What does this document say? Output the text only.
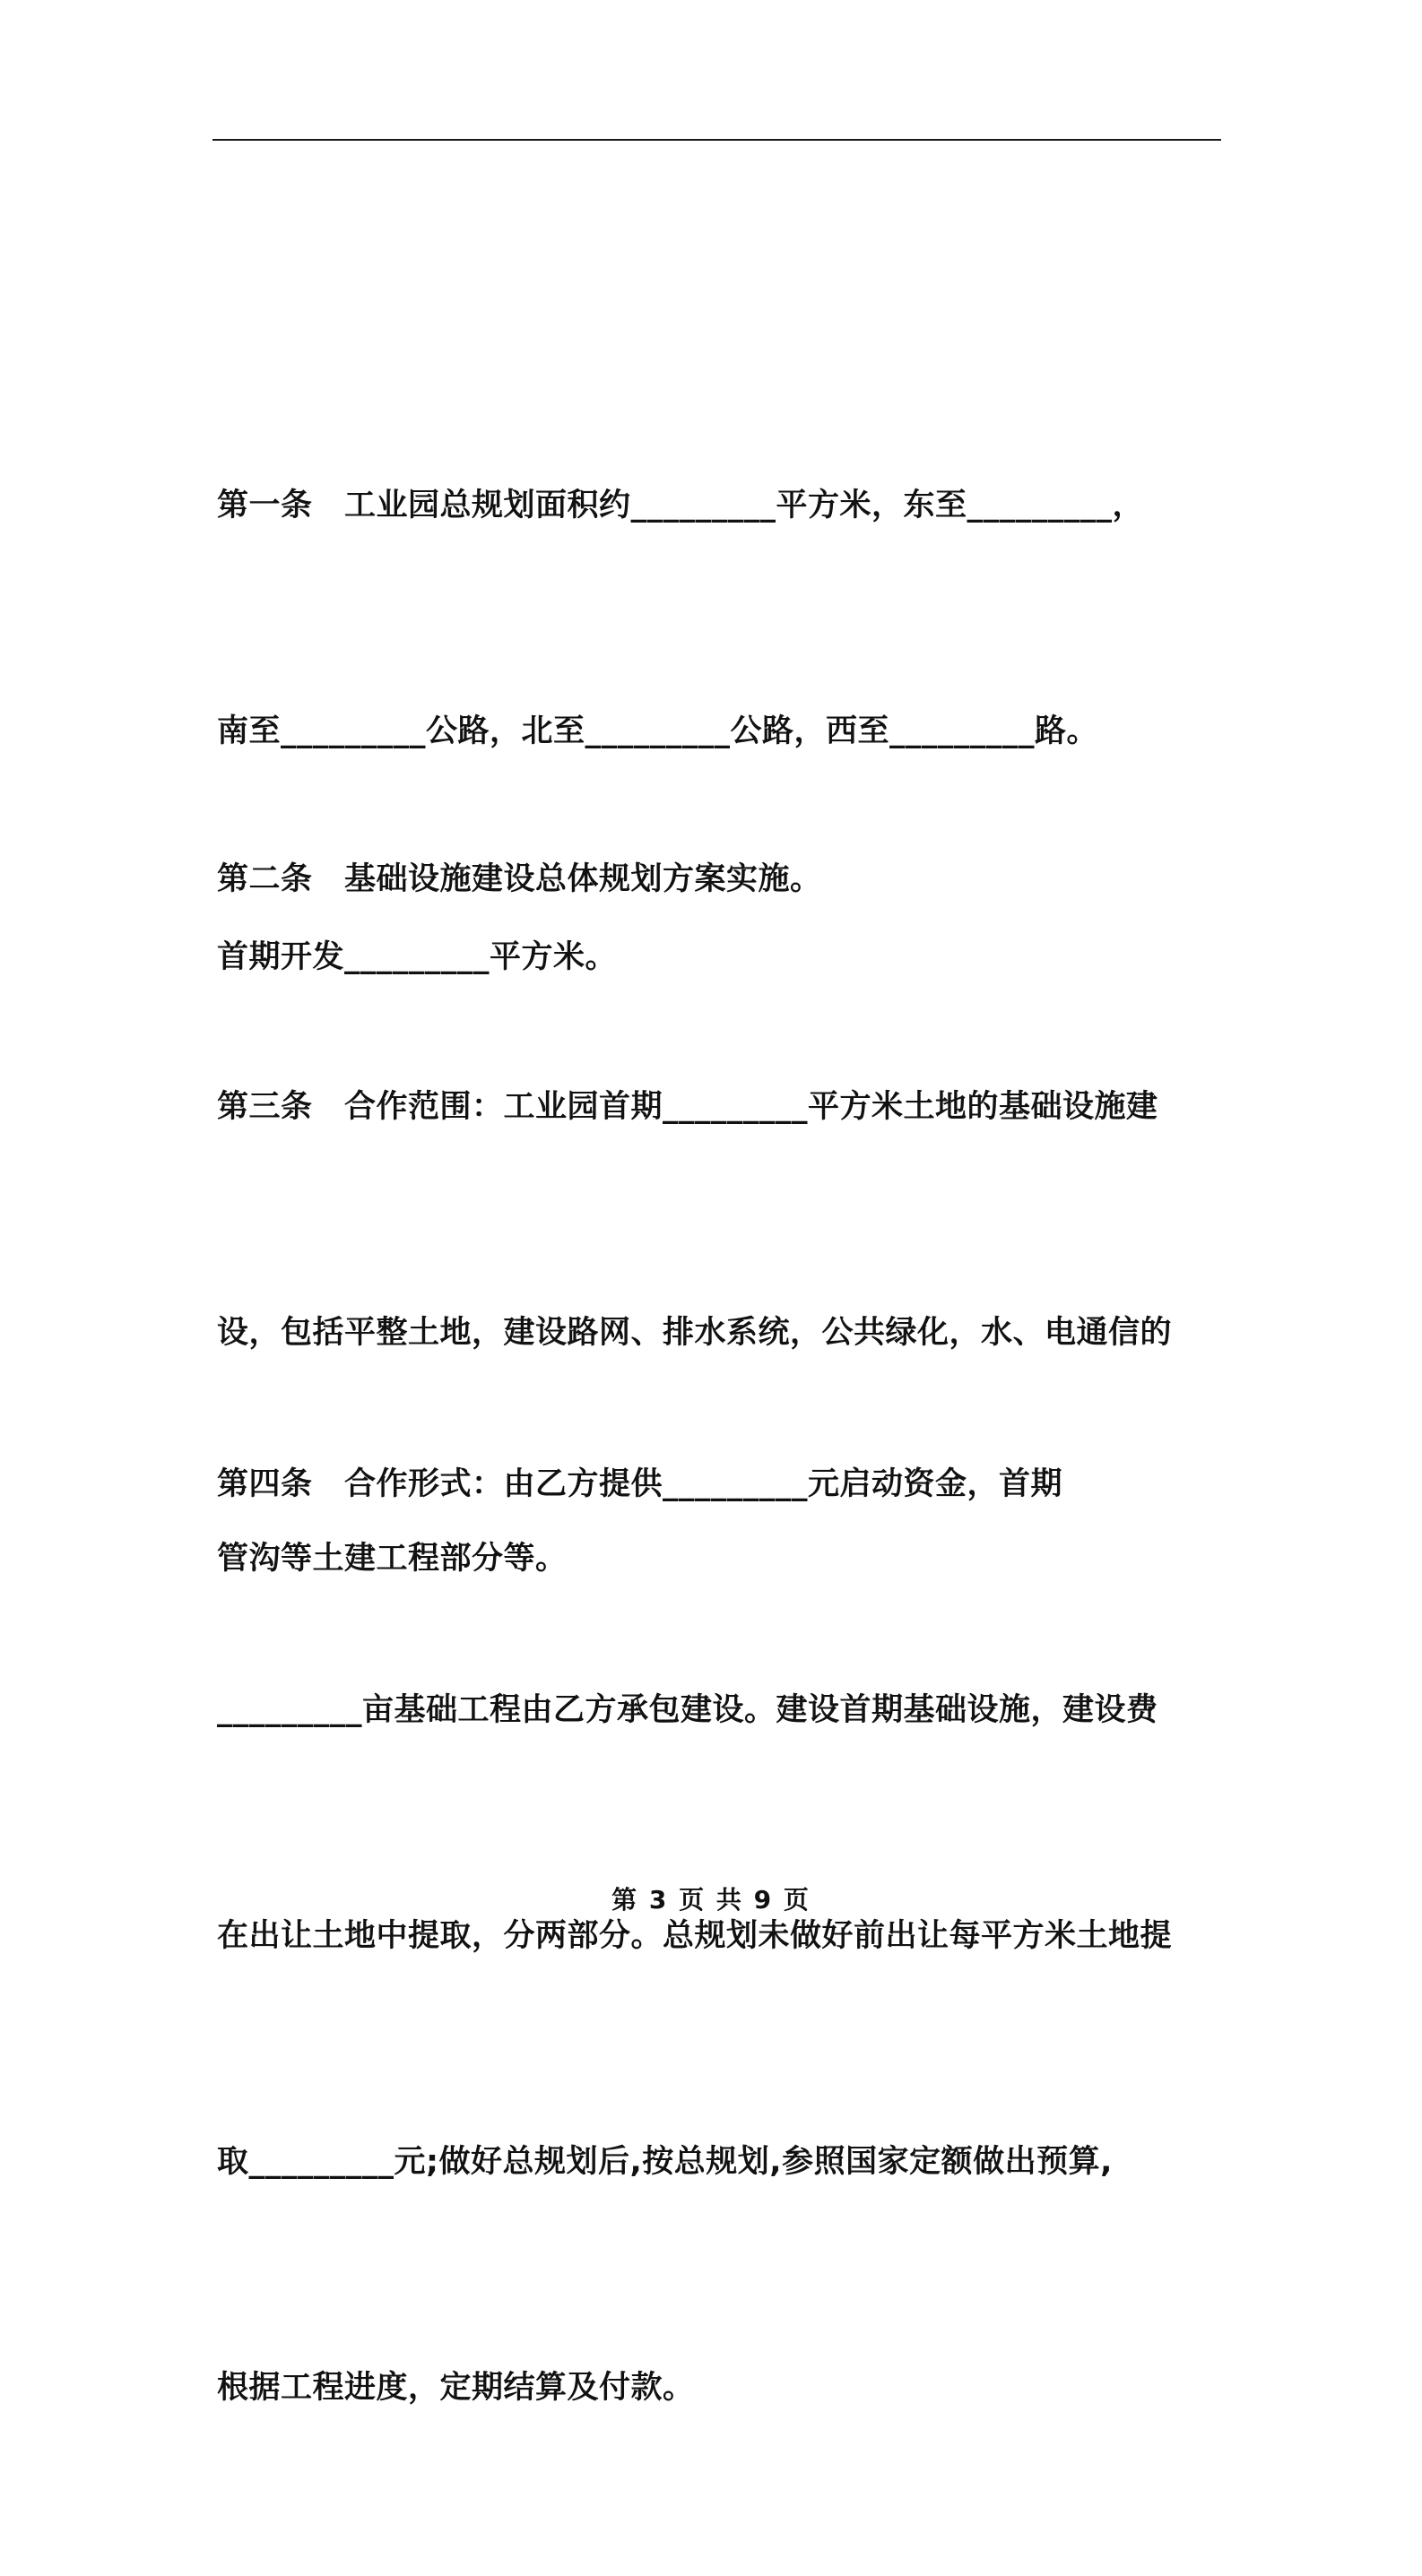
第一条　工业园总规划面积约_________平方米，东至_________，

南至_________公路，北至_________公路，西至_________路。

首期开发_________平方米。

第二条　基础设施建设总体规划方案实施。

第三条　合作范围：工业园首期_________平方米土地的基础设施建

设，包括平整土地，建设路网、排水系统，公共绿化，水、电通信的

管沟等土建工程部分等。

第四条　合作形式：由乙方提供_________元启动资金，首期

_________亩基础工程由乙方承包建设。建设首期基础设施，建设费

在出让土地中提取，分两部分。总规划未做好前出让每平方米土地提

取_________元;做好总规划后,按总规划,参照国家定额做出预算,

根据工程进度，定期结算及付款。

第 3 页 共 9 页
